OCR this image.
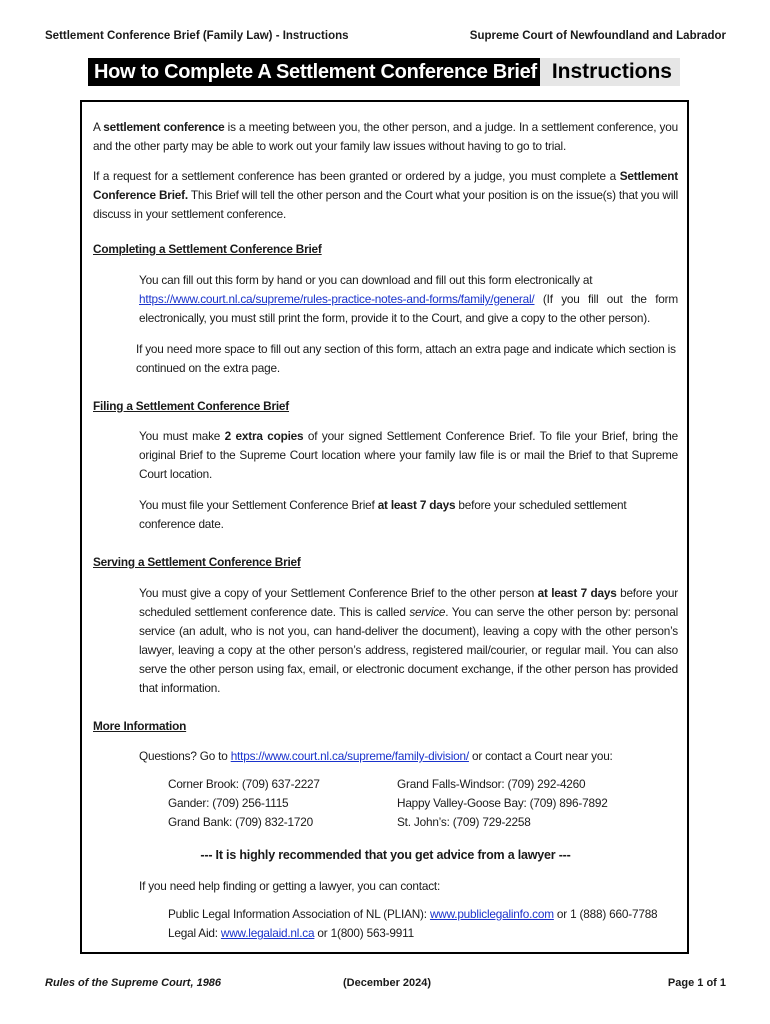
Settlement Conference Brief (Family Law) - Instructions	Supreme Court of Newfoundland and Labrador
How to Complete A Settlement Conference Brief Instructions

A settlement conference is a meeting between you, the other person, and a judge. In a settlement conference, you and the other party may be able to work out your family law issues without having to go to trial.

If a request for a settlement conference has been granted or ordered by a judge, you must complete a Settlement Conference Brief. This Brief will tell the other person and the Court what your position is on the issue(s) that you will discuss in your settlement conference.

Completing a Settlement Conference Brief

You can fill out this form by hand or you can download and fill out this form electronically at
https://www.court.nl.ca/supreme/rules-practice-notes-and-forms/family/general/ (If you fill out the form electronically, you must still print the form, provide it to the Court, and give a copy to the other person).

If you need more space to fill out any section of this form, attach an extra page and indicate which section is continued on the extra page.

Filing a Settlement Conference Brief

You must make 2 extra copies of your signed Settlement Conference Brief. To file your Brief, bring the original Brief to the Supreme Court location where your family law file is or mail the Brief to that Supreme Court location.

You must file your Settlement Conference Brief at least 7 days before your scheduled settlement conference date.

Serving a Settlement Conference Brief

You must give a copy of your Settlement Conference Brief to the other person at least 7 days before your scheduled settlement conference date. This is called service. You can serve the other person by: personal service (an adult, who is not you, can hand-deliver the document), leaving a copy with the other person’s lawyer, leaving a copy at the other person’s address, registered mail/courier, or regular mail. You can also serve the other person using fax, email, or electronic document exchange, if the other person has provided that information.

More Information

Questions? Go to https://www.court.nl.ca/supreme/family-division/ or contact a Court near you:

Corner Brook: (709) 637-2227	Grand Falls-Windsor: (709) 292-4260
Gander: (709) 256-1115	Happy Valley-Goose Bay: (709) 896-7892
Grand Bank: (709) 832-1720	St. John’s: (709) 729-2258

--- It is highly recommended that you get advice from a lawyer ---

If you need help finding or getting a lawyer, you can contact:

Public Legal Information Association of NL (PLIAN): www.publiclegalinfo.com or 1 (888) 660-7788

Legal Aid: www.legalaid.nl.ca or 1(800) 563-9911

Rules of the Supreme Court, 1986	(December 2024)	Page 1 of 1
